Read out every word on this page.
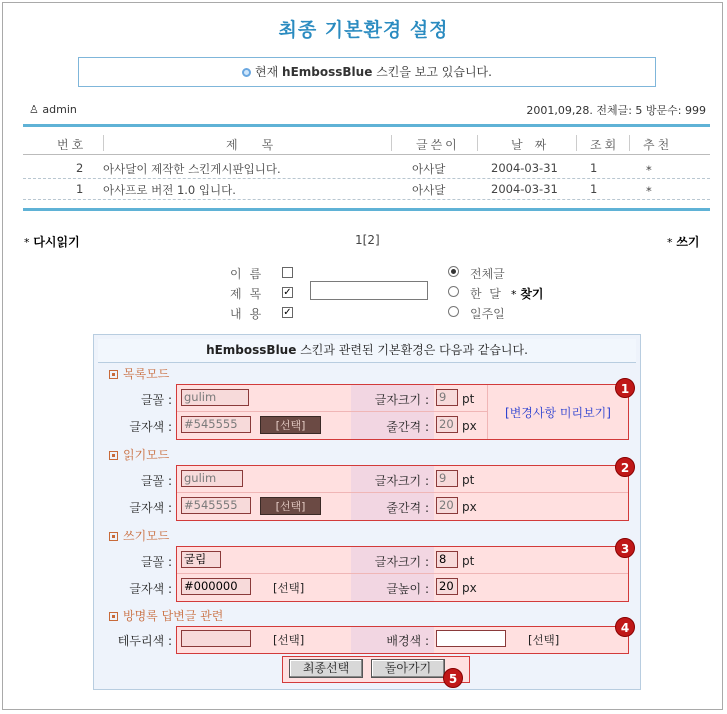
최종 기본환경 설정
현재 hEmbossBlue 스킨을 보고 있습니다.
♙ admin	2001,09,28. 전체글: 5 방문수: 999
번호	제목	글쓴이	날짜	조회 추천
2 아사달이 제작한 스킨게시판입니다.	아사달	2004-03-31	1	*
1 아사프로 버전 1.0 입니다.	아사달	2004-03-31	1	*
* 다시읽기	1[2]	* 쓰기
이름
제목 ✓
내용 ✓
전체글
한  달 * 찾기
일주일
hEmbossBlue 스킨과 관련된 기본환경은 다음과 같습니다.
목록모드
글꼴 : gulim	글자크기 : 9	pt
[변경사항 미리보기]
글자색 : #545555	[선택]	줄간격 : 20 px
1
읽기모드
글꼴 : gulim	글자크기 : 9	pt
글자색 : #545555	[선택]	줄간격 : 20 px
2
쓰기모드
글꼴 : 굴림	글자크기 : 8	pt
글자색 : #000000	[선택]	글높이 : 20 px
3
방명록 답변글 관련
테두리색 :	[선택]	배경색 :	[선택]
4
최종선택	돌아가기
5
